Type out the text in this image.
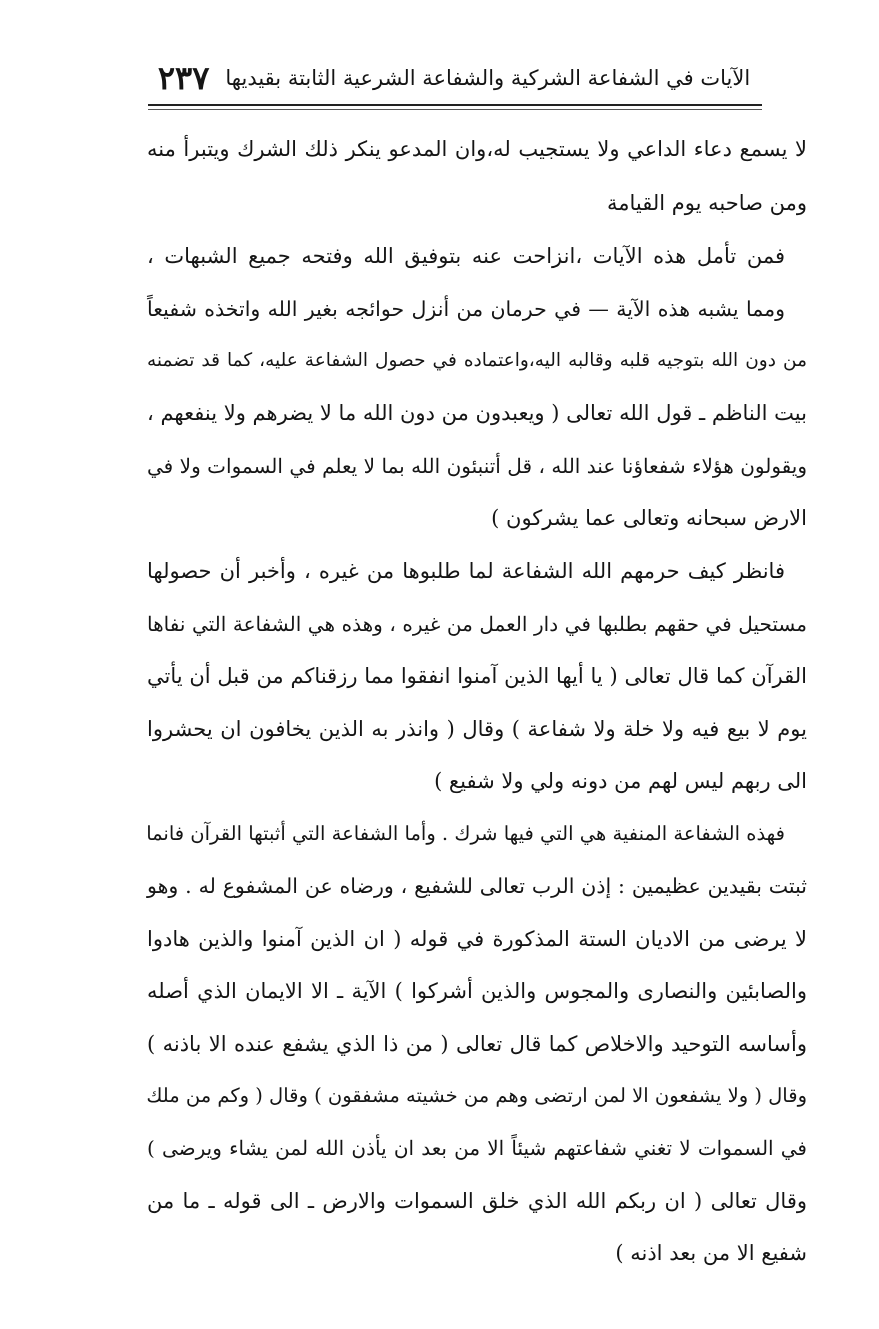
الآيات في الشفاعة الشركية والشفاعة الشرعية الثابتة بقيديها
٢٣٧
لا يسمع دعاء الداعي ولا يستجيب له،وان المدعو ينكر ذلك الشرك ويتبرأ منه
ومن صاحبه يوم القيامة
فمن تأمل هذه الآيات ،انزاحت عنه بتوفيق الله وفتحه جميع الشبهات ،
ومما يشبه هذه الآية — في حرمان من أنزل حوائجه بغير الله واتخذه شفيعاً
من دون الله بتوجيه قلبه وقالبه اليه،واعتماده في حصول الشفاعة عليه، كما قد تضمنه
بيت الناظم ـ قول الله تعالى ( ويعبدون من دون الله ما لا يضرهم ولا ينفعهم ،
ويقولون هؤلاء شفعاؤنا عند الله ، قل أتنبئون الله بما لا يعلم في السموات ولا في
الارض سبحانه وتعالى عما يشركون )
فانظر كيف حرمهم الله الشفاعة لما طلبوها من غيره ، وأخبر أن حصولها
مستحيل في حقهم بطلبها في دار العمل من غيره ، وهذه هي الشفاعة التي نفاها
القرآن كما قال تعالى ( يا أيها الذين آمنوا انفقوا مما رزقناكم من قبل أن يأتي
يوم لا بيع فيه ولا خلة ولا شفاعة ) وقال ( وانذر به الذين يخافون ان يحشروا
الى ربهم ليس لهم من دونه ولي ولا شفيع )
فهذه الشفاعة المنفية هي التي فيها شرك . وأما الشفاعة التي أثبتها القرآن فانما
ثبتت بقيدين عظيمين : إذن الرب تعالى للشفيع ، ورضاه عن المشفوع له . وهو
لا يرضى من الاديان الستة المذكورة في قوله ( ان الذين آمنوا والذين هادوا
والصابئين والنصارى والمجوس والذين أشركوا ) الآية ـ الا الايمان الذي أصله
وأساسه التوحيد والاخلاص كما قال تعالى ( من ذا الذي يشفع عنده الا باذنه )
وقال ( ولا يشفعون الا لمن ارتضى وهم من خشيته مشفقون ) وقال ( وكم من ملك
في السموات لا تغني شفاعتهم شيئاً الا من بعد ان يأذن الله لمن يشاء ويرضى )
وقال تعالى ( ان ربكم الله الذي خلق السموات والارض ـ الى قوله ـ ما من
شفيع الا من بعد اذنه )
